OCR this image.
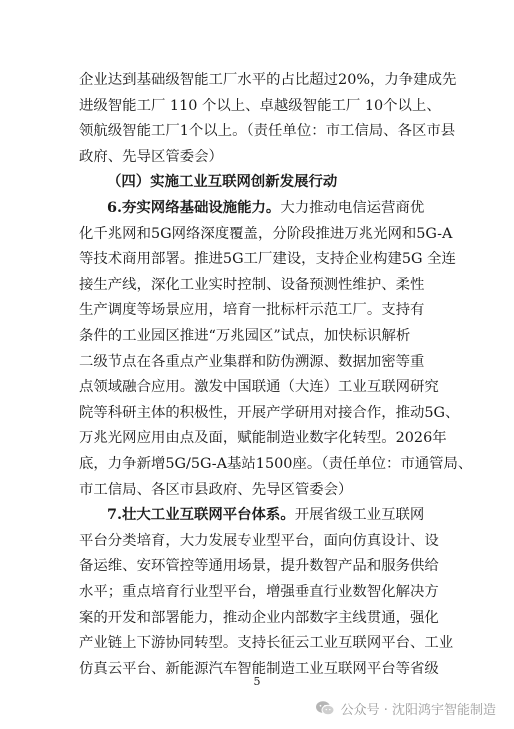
企业达到基础级智能工厂水平的占比超过20%，力争建成先
进级智能工厂 110 个以上、卓越级智能工厂 10个以上、
领航级智能工厂1个以上。（责任单位：市工信局、各区市县
政府、先导区管委会）
（四）实施工业互联网创新发展行动
6.夯实网络基础设施能力。大力推动电信运营商优
化千兆网和5G网络深度覆盖，分阶段推进万兆光网和5G-A
等技术商用部署。推进5G工厂建设，支持企业构建5G 全连
接生产线，深化工业实时控制、设备预测性维护、柔性
生产调度等场景应用，培育一批标杆示范工厂。支持有
条件的工业园区推进“万兆园区”试点，加快标识解析
二级节点在各重点产业集群和防伪溯源、数据加密等重
点领域融合应用。激发中国联通（大连）工业互联网研究
院等科研主体的积极性，开展产学研用对接合作，推动5G、
万兆光网应用由点及面，赋能制造业数字化转型。2026年
底，力争新增5G/5G-A基站1500座。（责任单位：市通管局、
市工信局、各区市县政府、先导区管委会）
7.壮大工业互联网平台体系。开展省级工业互联网
平台分类培育，大力发展专业型平台，面向仿真设计、设
备运维、安环管控等通用场景，提升数智产品和服务供给
水平；重点培育行业型平台，增强垂直行业数智化解决方
案的开发和部署能力，推动企业内部数字主线贯通，强化
产业链上下游协同转型。支持长征云工业互联网平台、工业
仿真云平台、新能源汽车智能制造工业互联网平台等省级
5
公众号 · 沈阳鸿宇智能制造
